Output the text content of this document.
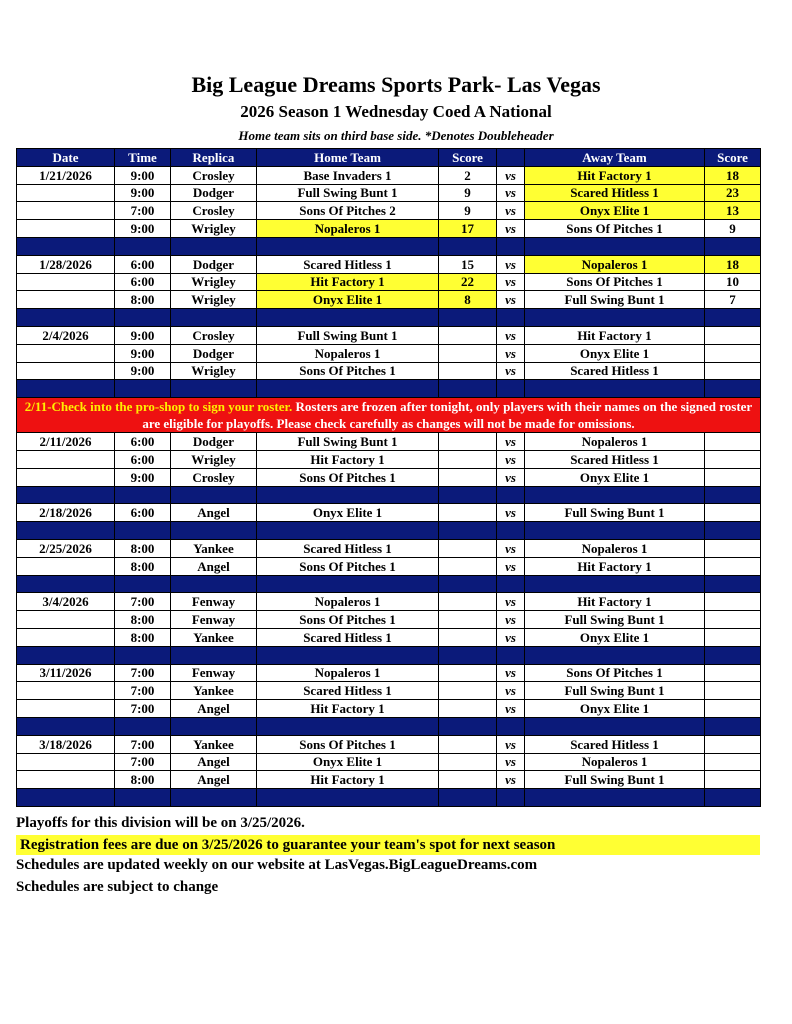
Big League Dreams Sports Park- Las Vegas
2026 Season 1 Wednesday Coed A National
Home team sits on third base side. *Denotes Doubleheader
Date	Time	Replica	Home Team	Score		Away Team	Score
1/21/2026	9:00	Crosley	Base Invaders 1	2	vs	Hit Factory 1	18
	9:00	Dodger	Full Swing Bunt 1	9	vs	Scared Hitless 1	23
	7:00	Crosley	Sons Of Pitches 2	9	vs	Onyx Elite 1	13
	9:00	Wrigley	Nopaleros 1	17	vs	Sons Of Pitches 1	9

1/28/2026	6:00	Dodger	Scared Hitless 1	15	vs	Nopaleros 1	18
	6:00	Wrigley	Hit Factory 1	22	vs	Sons Of Pitches 1	10
	8:00	Wrigley	Onyx Elite 1	8	vs	Full Swing Bunt 1	7

2/4/2026	9:00	Crosley	Full Swing Bunt 1		vs	Hit Factory 1	
	9:00	Dodger	Nopaleros 1		vs	Onyx Elite 1	
	9:00	Wrigley	Sons Of Pitches 1		vs	Scared Hitless 1	

2/11-Check into the pro-shop to sign your roster. Rosters are frozen after tonight, only players with their names on the signed roster are eligible for playoffs. Please check carefully as changes will not be made for omissions.							
2/11/2026	6:00	Dodger	Full Swing Bunt 1		vs	Nopaleros 1	
	6:00	Wrigley	Hit Factory 1		vs	Scared Hitless 1	
	9:00	Crosley	Sons Of Pitches 1		vs	Onyx Elite 1	

2/18/2026	6:00	Angel	Onyx Elite 1		vs	Full Swing Bunt 1	

2/25/2026	8:00	Yankee	Scared Hitless 1		vs	Nopaleros 1	
	8:00	Angel	Sons Of Pitches 1		vs	Hit Factory 1	

3/4/2026	7:00	Fenway	Nopaleros 1		vs	Hit Factory 1	
	8:00	Fenway	Sons Of Pitches 1		vs	Full Swing Bunt 1	
	8:00	Yankee	Scared Hitless 1		vs	Onyx Elite 1	

3/11/2026	7:00	Fenway	Nopaleros 1		vs	Sons Of Pitches 1	
	7:00	Yankee	Scared Hitless 1		vs	Full Swing Bunt 1	
	7:00	Angel	Hit Factory 1		vs	Onyx Elite 1	

3/18/2026	7:00	Yankee	Sons Of Pitches 1		vs	Scared Hitless 1	
	7:00	Angel	Onyx Elite 1		vs	Nopaleros 1	
	8:00	Angel	Hit Factory 1		vs	Full Swing Bunt 1	

Playoffs for this division will be on 3/25/2026.
Registration fees are due on 3/25/2026 to guarantee your team's spot for next season
Schedules are updated weekly on our website at LasVegas.BigLeagueDreams.com
Schedules are subject to change
